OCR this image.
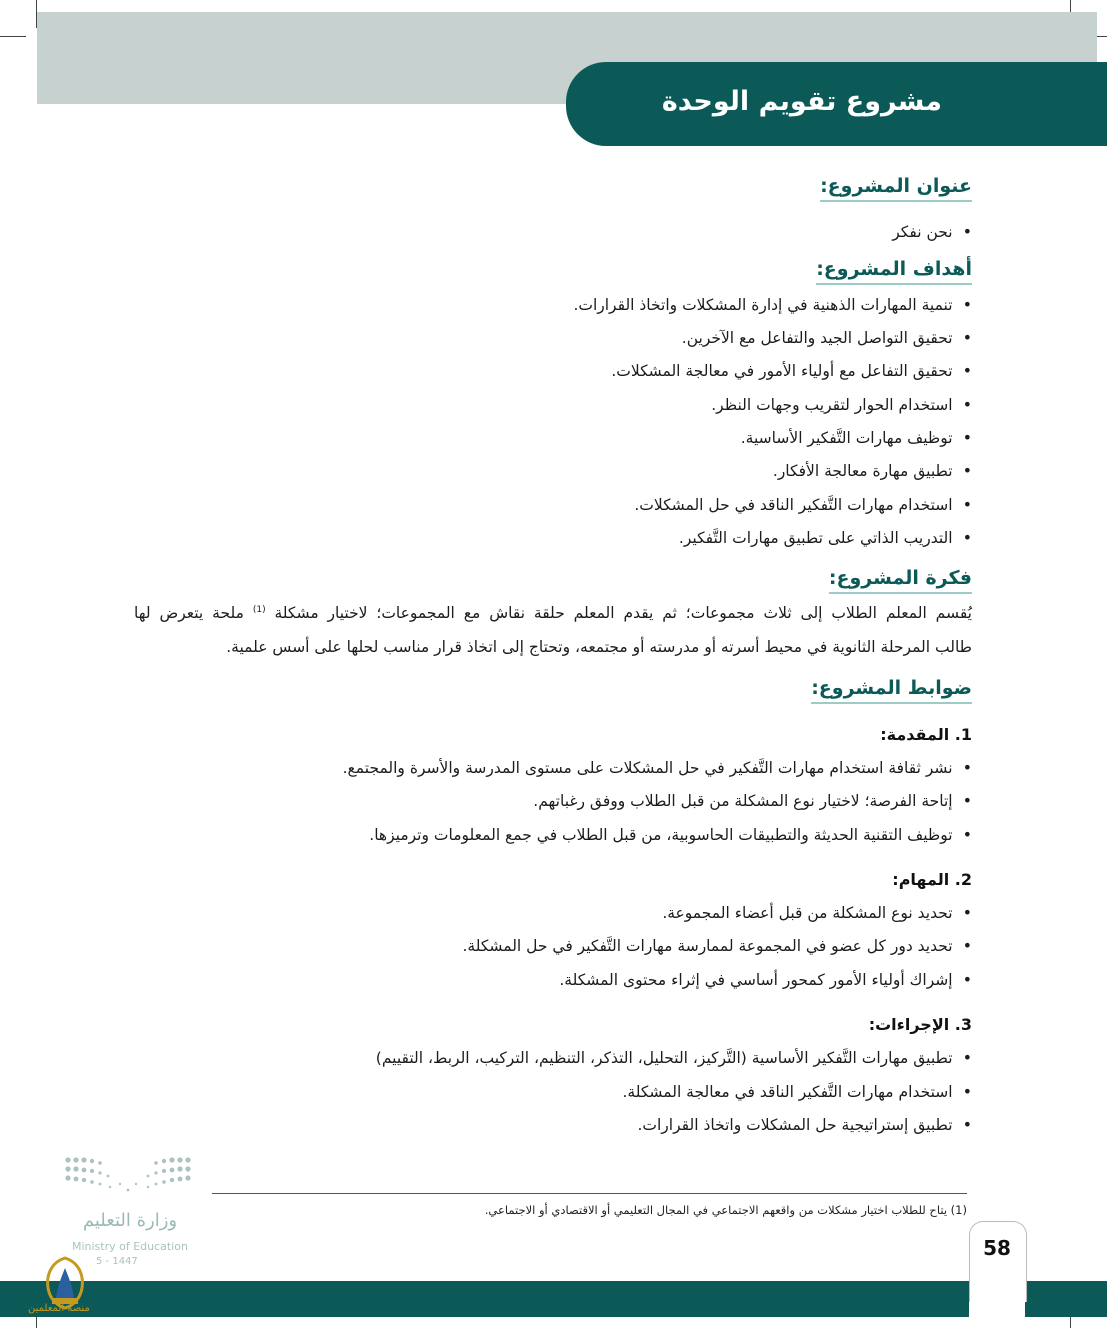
مشروع تقويم الوحدة
عنوان المشروع:
• نحن نفكر
أهداف المشروع:
• تنمية المهارات الذهنية في إدارة المشكلات واتخاذ القرارات.
• تحقيق التواصل الجيد والتفاعل مع الآخرين.
• تحقيق التفاعل مع أولياء الأمور في معالجة المشكلات.
• استخدام الحوار لتقريب وجهات النظر.
• توظيف مهارات التَّفكير الأساسية.
• تطبيق مهارة معالجة الأفكار.
• استخدام مهارات التَّفكير الناقد في حل المشكلات.
• التدريب الذاتي على تطبيق مهارات التَّفكير.
فكرة المشروع:
يُقسم المعلم الطلاب إلى ثلاث مجموعات؛ ثم يقدم المعلم حلقة نقاش مع المجموعات؛ لاختيار مشكلة $^{(1)}$ ملحة يتعرض لها
طالب المرحلة الثانوية في محيط أسرته أو مدرسته أو مجتمعه، وتحتاج إلى اتخاذ قرار مناسب لحلها على أسس علمية.
ضوابط المشروع:
1. المقدمة:
• نشر ثقافة استخدام مهارات التَّفكير في حل المشكلات على مستوى المدرسة والأسرة والمجتمع.
• إتاحة الفرصة؛ لاختيار نوع المشكلة من قبل الطلاب ووفق رغباتهم.
• توظيف التقنية الحديثة والتطبيقات الحاسوبية، من قبل الطلاب في جمع المعلومات وترميزها.
2. المهام:
• تحديد نوع المشكلة من قبل أعضاء المجموعة.
• تحديد دور كل عضو في المجموعة لممارسة مهارات التَّفكير في حل المشكلة.
• إشراك أولياء الأمور كمحور أساسي في إثراء محتوى المشكلة.
3. الإجراءات:
• تطبيق مهارات التَّفكير الأساسية (التَّركيز، التحليل، التذكر، التنظيم، التركيب، الربط، التقييم)
• استخدام مهارات التَّفكير الناقد في معالجة المشكلة.
• تطبيق إستراتيجية حل المشكلات واتخاذ القرارات.
(1) يتاح للطلاب اختيار مشكلات من واقعهم الاجتماعي في المجال التعليمي أو الاقتصادي أو الاجتماعي.
وزارة التعليم
Ministry of Education
5 - 1447
58
منصة المعلمين
